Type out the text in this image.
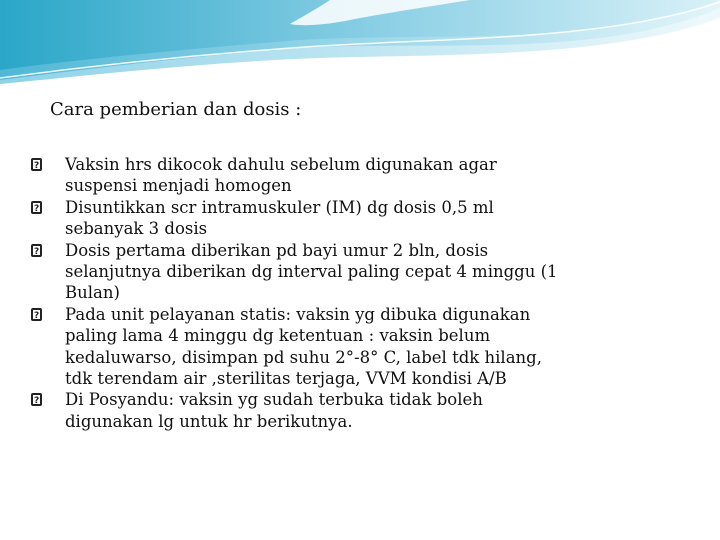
Cara pemberian dan dosis :
?
Vaksin hrs dikocok dahulu sebelum digunakan agar
suspensi menjadi homogen
?
Disuntikkan scr intramuskuler (IM) dg dosis 0,5 ml
sebanyak 3 dosis
?
Dosis pertama diberikan pd bayi umur 2 bln, dosis
selanjutnya diberikan dg interval paling cepat 4 minggu (1
Bulan)
?
Pada unit pelayanan statis: vaksin yg dibuka digunakan
paling lama 4 minggu dg ketentuan : vaksin belum
kedaluwarso, disimpan pd suhu 2°-8° C, label tdk hilang,
tdk terendam air ,sterilitas terjaga, VVM kondisi A/B
?
Di Posyandu: vaksin yg sudah terbuka tidak boleh
digunakan lg untuk hr berikutnya.
